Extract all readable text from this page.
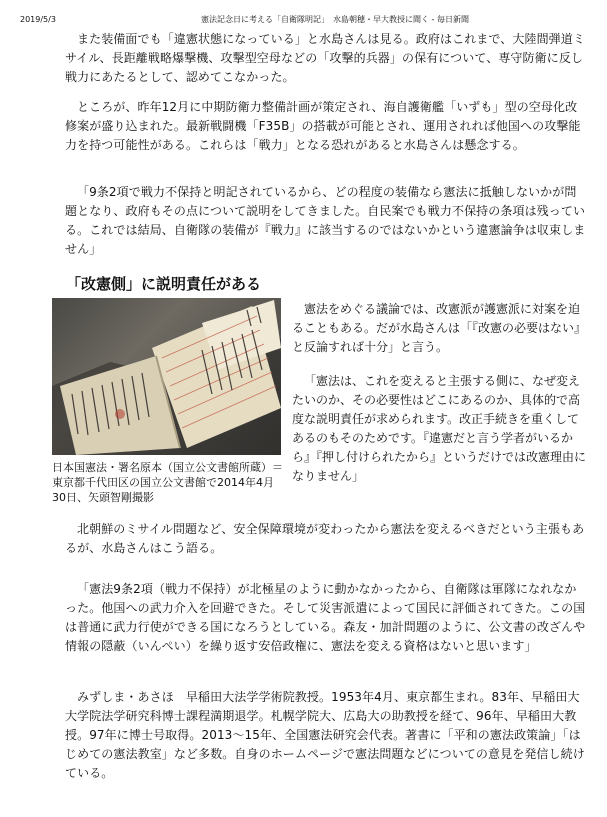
2019/5/3	憲法記念日に考える「自衛隊明記」　水島朝穂・早大教授に聞く - 毎日新聞

また装備面でも「違憲状態になっている」と水島さんは見る。政府はこれまで、大陸間弾道ミサイル、長距離戦略爆撃機、攻撃型空母などの「攻撃的兵器」の保有について、専守防衛に反し戦力にあたるとして、認めてこなかった。

ところが、昨年12月に中期防衛力整備計画が策定され、海自護衛艦「いずも」型の空母化改修案が盛り込まれた。最新戦闘機「F35B」の搭載が可能とされ、運用されれば他国への攻撃能力を持つ可能性がある。これらは「戦力」となる恐れがあると水島さんは懸念する。

「9条2項で戦力不保持と明記されているから、どの程度の装備なら憲法に抵触しないかが問題となり、政府もその点について説明をしてきました。自民案でも戦力不保持の条項は残っている。これでは結局、自衛隊の装備が『戦力』に該当するのではないかという違憲論争は収束しません」

「改憲側」に説明責任がある
日本国憲法・署名原本（国立公文書館所蔵）＝東京都千代田区の国立公文書館で2014年4月30日、矢頭智剛撮影

憲法をめぐる議論では、改憲派が護憲派に対案を迫ることもある。だが水島さんは「『改憲の必要はない』と反論すれば十分」と言う。

「憲法は、これを変えると主張する側に、なぜ変えたいのか、その必要性はどこにあるのか、具体的で高度な説明責任が求められます。改正手続きを重くしてあるのもそのためです。『違憲だと言う学者がいるから』『押し付けられたから』というだけでは改憲理由になりません」

北朝鮮のミサイル問題など、安全保障環境が変わったから憲法を変えるべきだという主張もあるが、水島さんはこう語る。

「憲法9条2項（戦力不保持）が北極星のように動かなかったから、自衛隊は軍隊になれなかった。他国への武力介入を回避できた。そして災害派遣によって国民に評価されてきた。この国は普通に武力行使ができる国になろうとしている。森友・加計問題のように、公文書の改ざんや情報の隠蔽（いんぺい）を繰り返す安倍政権に、憲法を変える資格はないと思います」

みずしま・あさほ　早稲田大法学学術院教授。1953年4月、東京都生まれ。83年、早稲田大大学院法学研究科博士課程満期退学。札幌学院大、広島大の助教授を経て、96年、早稲田大教授。97年に博士号取得。2013～15年、全国憲法研究会代表。著書に「平和の憲法政策論」「はじめての憲法教室」など多数。自身のホームページで憲法問題などについての意見を発信し続けている。
